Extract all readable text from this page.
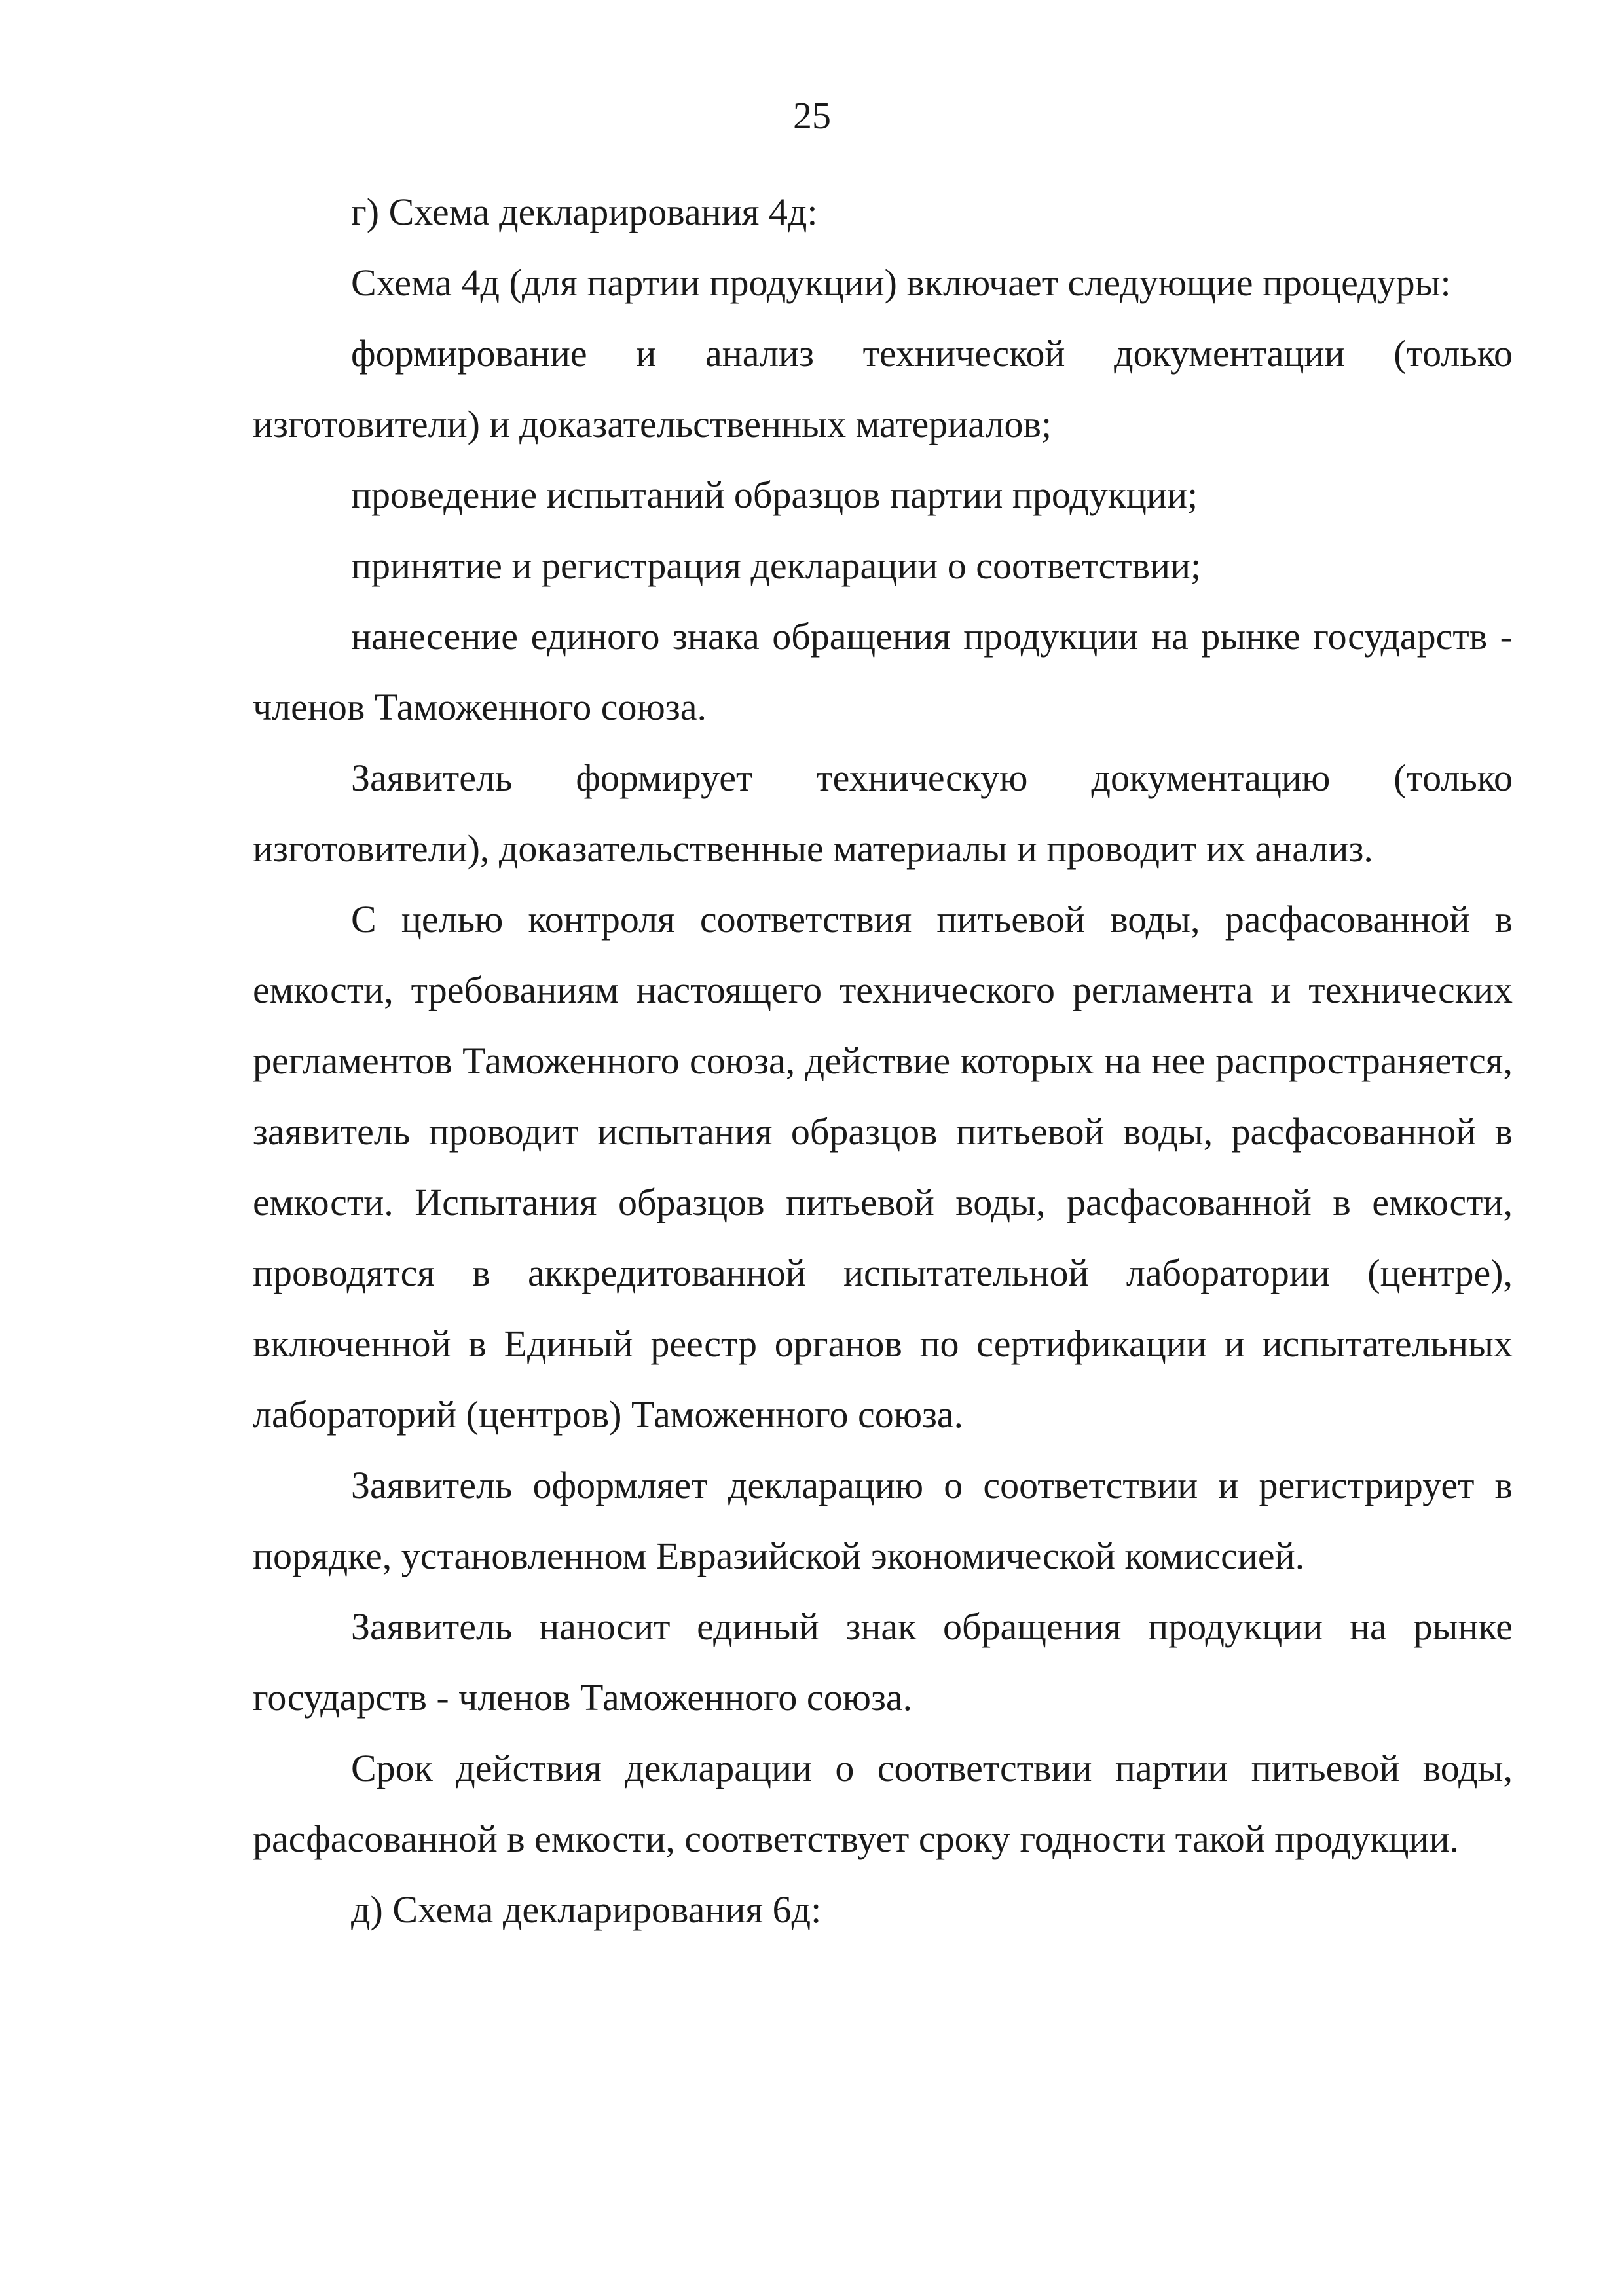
25

г) Схема декларирования 4д:

Схема 4д (для партии продукции) включает следующие процедуры:

формирование и анализ технической документации (только изготовители) и доказательственных материалов;

проведение испытаний образцов партии продукции;

принятие и регистрация декларации о соответствии;

нанесение единого знака обращения продукции на рынке государств - членов Таможенного союза.

Заявитель формирует техническую документацию (только изготовители), доказательственные материалы и проводит их анализ.

С целью контроля соответствия питьевой воды, расфасованной в емкости, требованиям настоящего технического регламента и технических регламентов Таможенного союза, действие которых на нее распространяется, заявитель проводит испытания образцов питьевой воды, расфасованной в емкости. Испытания образцов питьевой воды, расфасованной в емкости, проводятся в аккредитованной испытательной лаборатории (центре), включенной в Единый реестр органов по сертификации и испытательных лабораторий (центров) Таможенного союза.

Заявитель оформляет декларацию о соответствии и регистрирует в порядке, установленном Евразийской экономической комиссией.

Заявитель наносит единый знак обращения продукции на рынке государств - членов Таможенного союза.

Срок действия декларации о соответствии партии питьевой воды, расфасованной в емкости, соответствует сроку годности такой продукции.

д) Схема декларирования 6д:
